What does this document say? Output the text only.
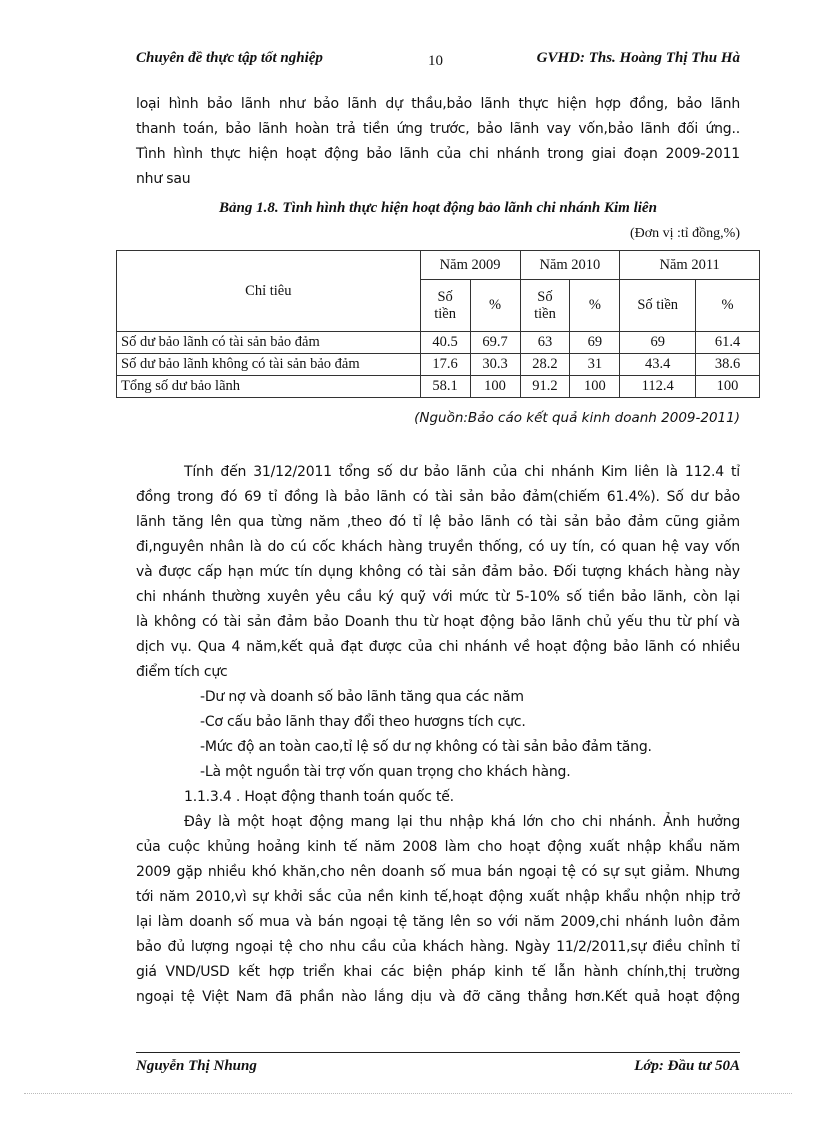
Chuyên đề thực tập tốt nghiệp	10	GVHD: Ths. Hoàng Thị Thu Hà
loại hình bảo lãnh như bảo lãnh dự thầu,bảo lãnh thực hiện hợp đồng, bảo lãnh
thanh toán, bảo lãnh hoàn trả tiền ứng trước, bảo lãnh vay vốn,bảo lãnh đối ứng..
Tình hình thực hiện hoạt động bảo lãnh của chi nhánh trong giai đoạn 2009-2011
như sau
Bảng 1.8. Tình hình thực hiện hoạt động bảo lãnh chi nhánh Kim liên
(Đơn vị :tỉ đồng,%)
Chỉ tiêu	Năm 2009		Năm 2010		Năm 2011	
	Số tiền	%	Số tiền	%	Số tiền	%
Số dư bảo lãnh có tài sản bảo đảm	40.5	69.7	63	69	69	61.4
Số dư bảo lãnh không có tài sản bảo đảm	17.6	30.3	28.2	31	43.4	38.6
Tổng số dư bảo lãnh	58.1	100	91.2	100	112.4	100
(Nguồn:Bảo cáo kết quả kinh doanh 2009-2011)
Tính đến 31/12/2011 tổng số dư bảo lãnh của chi nhánh Kim liên là 112.4 tỉ
đồng trong đó 69 tỉ đồng là bảo lãnh có tài sản bảo đảm(chiếm 61.4%). Số dư bảo
lãnh tăng lên qua từng năm ,theo đó tỉ lệ bảo lãnh có tài sản bảo đảm cũng giảm
đi,nguyên nhân là do cú cốc khách hàng truyền thống, có uy tín, có quan hệ vay vốn
và được cấp hạn mức tín dụng không có tài sản đảm bảo. Đối tượng khách hàng này
chi nhánh thường xuyên yêu cầu ký quỹ với mức từ 5-10% số tiền bảo lãnh, còn lại
là không có tài sản đảm bảo Doanh thu từ hoạt động bảo lãnh chủ yếu thu từ phí và
dịch vụ. Qua 4 năm,kết quả đạt được của chi nhánh về hoạt động bảo lãnh có nhiều
điểm tích cực
-Dư nợ và doanh số bảo lãnh tăng qua các năm
-Cơ cấu bảo lãnh thay đổi theo hươgns tích cực.
-Mức độ an toàn cao,tỉ lệ số dư nợ không có tài sản bảo đảm tăng.
-Là một nguồn tài trợ vốn quan trọng cho khách hàng.
1.1.3.4 . Hoạt động thanh toán quốc tế.
Đây là một hoạt động mang lại thu nhập khá lớn cho chi nhánh. Ảnh hưởng
của cuộc khủng hoảng kinh tế năm 2008 làm cho hoạt động xuất nhập khẩu năm
2009 gặp nhiều khó khăn,cho nên doanh số mua bán ngoại tệ có sự sụt giảm. Nhưng
tới năm 2010,vì sự khởi sắc của nền kinh tế,hoạt động xuất nhập khẩu nhộn nhịp trở
lại làm doanh số mua và bán ngoại tệ tăng lên so với năm 2009,chi nhánh luôn đảm
bảo đủ lượng ngoại tệ cho nhu cầu của khách hàng. Ngày 11/2/2011,sự điều chỉnh tỉ
giá VND/USD kết hợp triển khai các biện pháp kinh tế lẫn hành chính,thị trường
ngoại tệ Việt Nam đã phần nào lắng dịu và đỡ căng thẳng hơn.Kết quả hoạt động
Nguyễn Thị Nhung	Lớp: Đầu tư 50A
